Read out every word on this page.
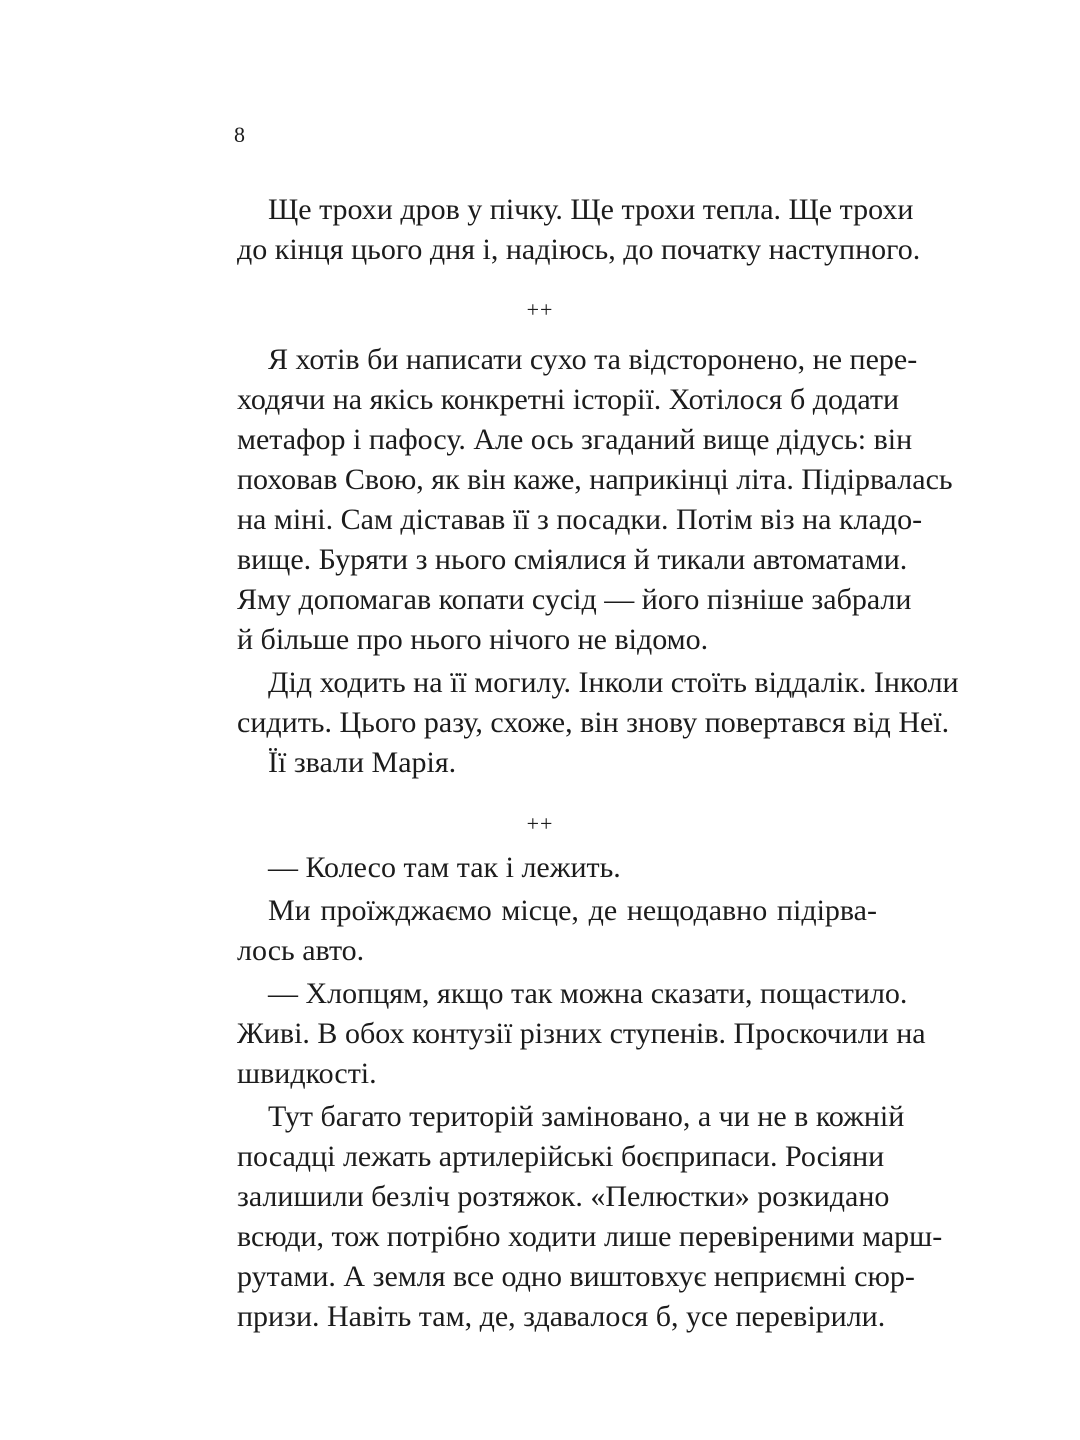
8
Ще трохи дров у пічку. Ще трохи тепла. Ще трохи
до кінця цього дня і, надіюсь, до початку наступного.
++
Я хотів би написати сухо та відсторонено, не пере-
ходячи на якісь конкретні історії. Хотілося б додати
метафор і пафосу. Але ось згаданий вище дідусь: він
поховав Свою, як він каже, наприкінці літа. Підірвалась
на міні. Сам діставав її з посадки. Потім віз на кладо-
вище. Буряти з нього сміялися й тикали автоматами.
Яму допомагав копати сусід — його пізніше забрали
й більше про нього нічого не відомо.
Дід ходить на її могилу. Інколи стоїть віддалік. Інколи
сидить. Цього разу, схоже, він знову повертався від Неї.
Її звали Марія.
++
— Колесо там так і лежить.
Ми проїжджаємо місце, де нещодавно підірва-
лось авто.
— Хлопцям, якщо так можна сказати, пощастило.
Живі. В обох контузії різних ступенів. Проскочили на
швидкості.
Тут багато територій заміновано, а чи не в кожній
посадці лежать артилерійські боєприпаси. Росіяни
залишили безліч розтяжок. «Пелюстки» розкидано
всюди, тож потрібно ходити лише перевіреними марш-
рутами. А земля все одно виштовхує неприємні сюр-
призи. Навіть там, де, здавалося б, усе перевірили.
